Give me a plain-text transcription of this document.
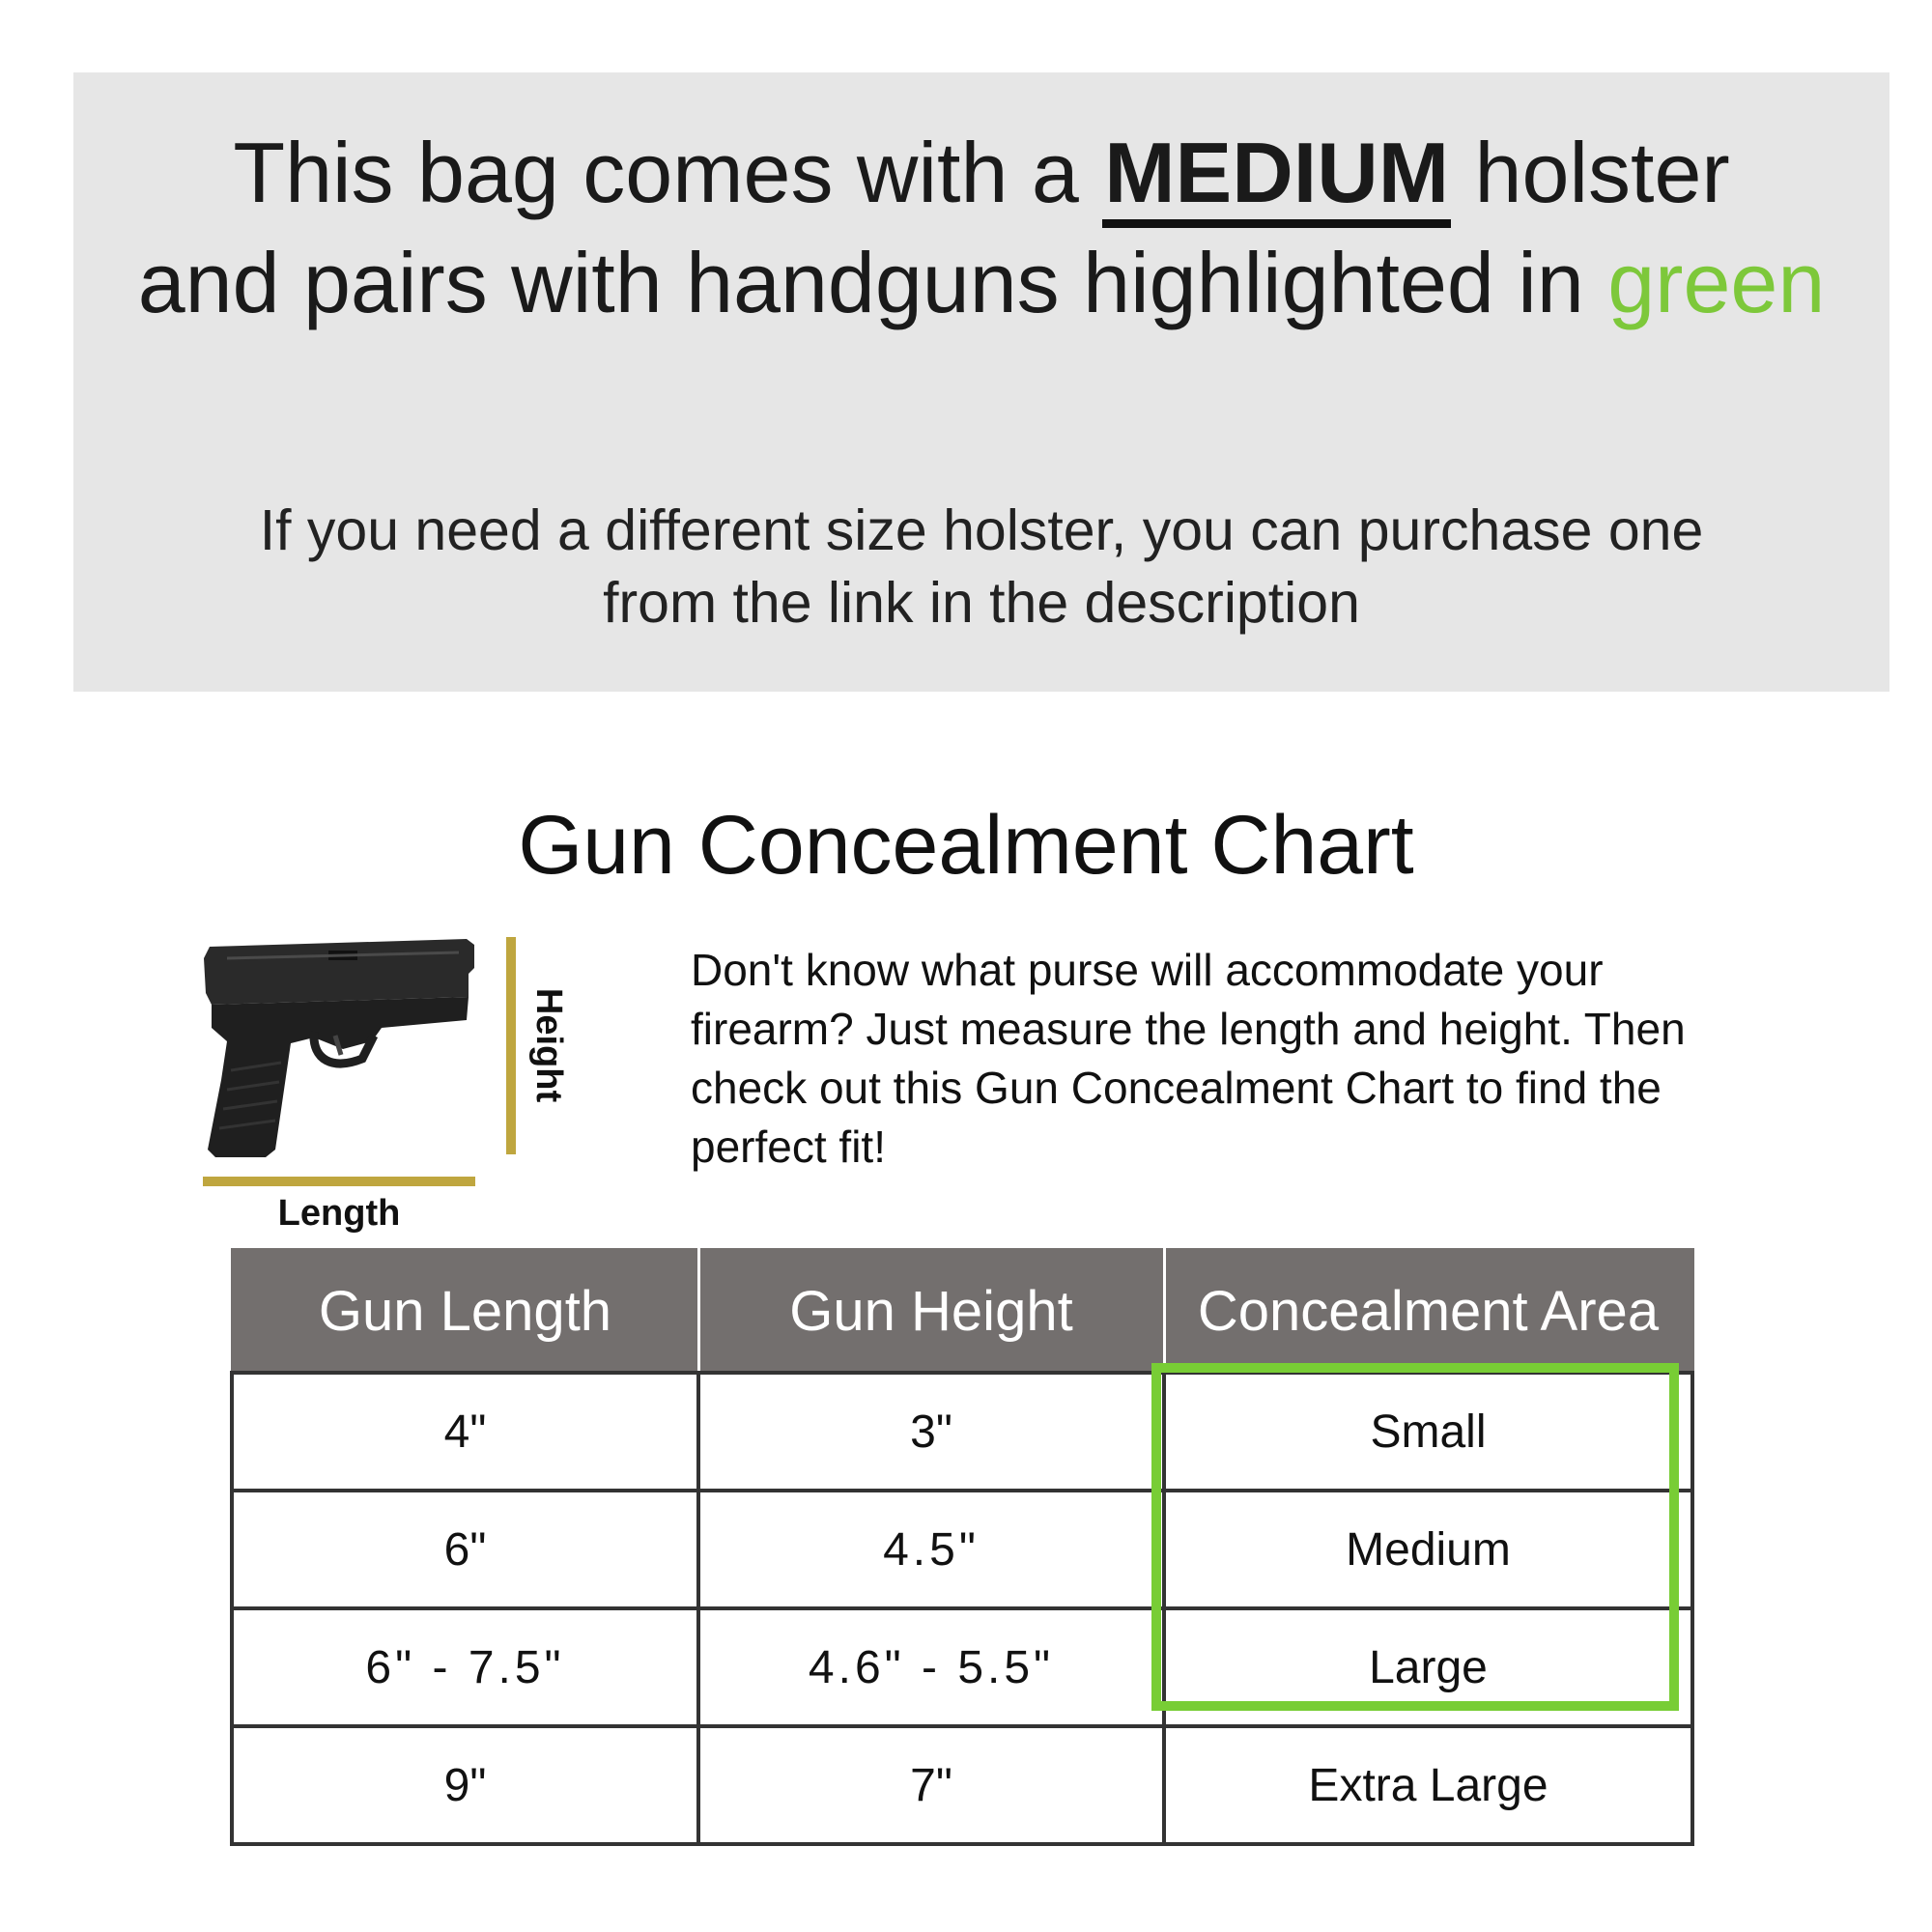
This bag comes with a MEDIUM holster
and pairs with handguns highlighted in green
If you need a different size holster, you can purchase one
from the link in the description
Gun Concealment Chart
Height
Length
Don't know what purse will accommodate your firearm? Just measure the length and height. Then check out this Gun Concealment Chart to find the perfect fit!
Gun Length	Gun Height	Concealment Area
4"	3"	Small
6"	4.5"	Medium
6" - 7.5"	4.6" - 5.5"	Large
9"	7"	Extra Large
